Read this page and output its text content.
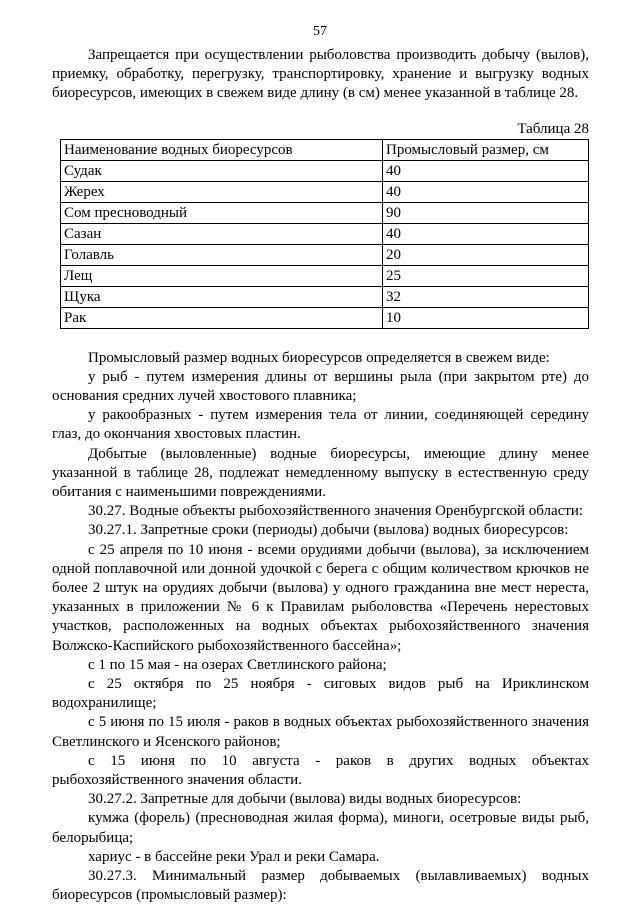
57

Запрещается при осуществлении рыболовства производить добычу (вылов), приемку, обработку, перегрузку, транспортировку, хранение и выгрузку водных биоресурсов, имеющих в свежем виде длину (в см) менее указанной в таблице 28.

Таблица 28

Наименование водных биоресурсов	Промысловый размер, см
Судак	40
Жерех	40
Сом пресноводный	90
Сазан	40
Голавль	20
Лещ	25
Щука	32
Рак	10

Промысловый размер водных биоресурсов определяется в свежем виде:

у рыб - путем измерения длины от вершины рыла (при закрытом рте) до основания средних лучей хвостового плавника;

у ракообразных - путем измерения тела от линии, соединяющей середину глаз, до окончания хвостовых пластин.

Добытые (выловленные) водные биоресурсы, имеющие длину менее указанной в таблице 28, подлежат немедленному выпуску в естественную среду обитания с наименьшими повреждениями.

30.27. Водные объекты рыбохозяйственного значения Оренбургской области:

30.27.1. Запретные сроки (периоды) добычи (вылова) водных биоресурсов:

с 25 апреля по 10 июня - всеми орудиями добычи (вылова), за исключением одной поплавочной или донной удочкой с берега с общим количеством крючков не более 2 штук на орудиях добычи (вылова) у одного гражданина вне мест нереста, указанных в приложении № 6 к Правилам рыболовства «Перечень нерестовых участков, расположенных на водных объектах рыбохозяйственного значения Волжско-Каспийского рыбохозяйственного бассейна»;

с 1 по 15 мая - на озерах Светлинского района;

с 25 октября по 25 ноября - сиговых видов рыб на Ириклинском водохранилище;

с 5 июня по 15 июля - раков в водных объектах рыбохозяйственного значения Светлинского и Ясенского районов;

с 15 июня по 10 августа - раков в других водных объектах рыбохозяйственного значения области.

30.27.2. Запретные для добычи (вылова) виды водных биоресурсов:

кумжа (форель) (пресноводная жилая форма), миноги, осетровые виды рыб, белорыбица;

хариус - в бассейне реки Урал и реки Самара.

30.27.3. Минимальный размер добываемых (вылавливаемых) водных биоресурсов (промысловый размер):
